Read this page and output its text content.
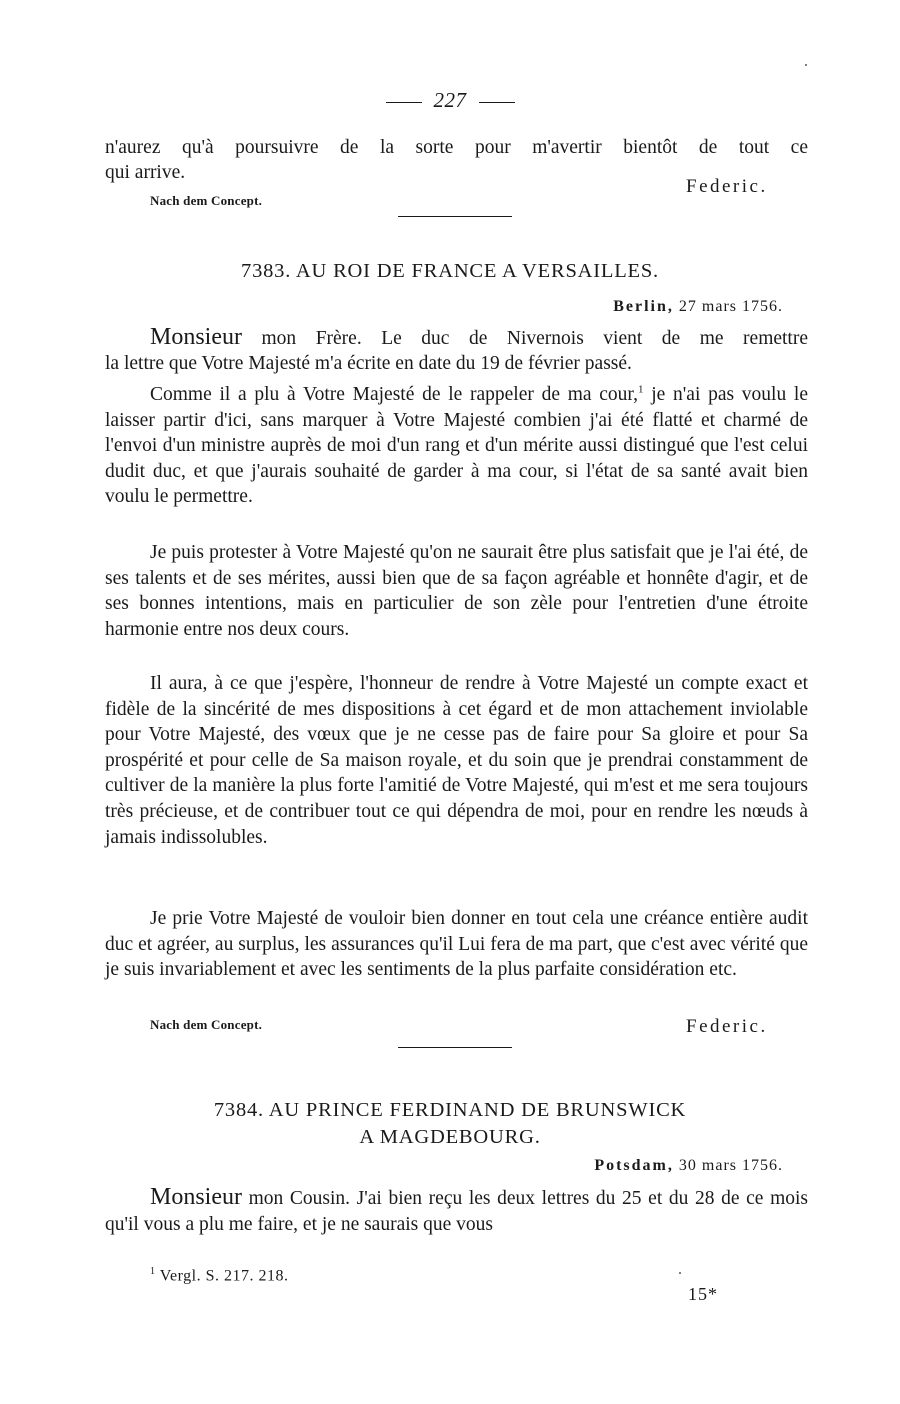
227
n'aurez qu'à poursuivre de la sorte pour m'avertir bientôt de tout ce
qui arrive.
Federic.
Nach dem Concept.
7383. AU ROI DE FRANCE A VERSAILLES.
Berlin, 27 mars 1756.
Monsieur mon Frère. Le duc de Nivernois vient de me remettre
la lettre que Votre Majesté m'a écrite en date du 19 de février passé.
Comme il a plu à Votre Majesté de le rappeler de ma cour,$^1$ je n'ai pas voulu le laisser partir d'ici, sans marquer à Votre Majesté combien j'ai été flatté et charmé de l'envoi d'un ministre auprès de moi d'un rang et d'un mérite aussi distingué que l'est celui dudit duc, et que j'aurais souhaité de garder à ma cour, si l'état de sa santé avait bien voulu le permettre.
Je puis protester à Votre Majesté qu'on ne saurait être plus satisfait que je l'ai été, de ses talents et de ses mérites, aussi bien que de sa façon agréable et honnête d'agir, et de ses bonnes intentions, mais en particulier de son zèle pour l'entretien d'une étroite harmonie entre nos deux cours.
Il aura, à ce que j'espère, l'honneur de rendre à Votre Majesté un compte exact et fidèle de la sincérité de mes dispositions à cet égard et de mon attachement inviolable pour Votre Majesté, des vœux que je ne cesse pas de faire pour Sa gloire et pour Sa prospérité et pour celle de Sa maison royale, et du soin que je prendrai constamment de cultiver de la manière la plus forte l'amitié de Votre Majesté, qui m'est et me sera toujours très précieuse, et de contribuer tout ce qui dépendra de moi, pour en rendre les nœuds à jamais indissolubles.
Je prie Votre Majesté de vouloir bien donner en tout cela une créance entière audit duc et agréer, au surplus, les assurances qu'il Lui fera de ma part, que c'est avec vérité que je suis invariablement et avec les sentiments de la plus parfaite considération etc.
Nach dem Concept.	Federic.
7384. AU PRINCE FERDINAND DE BRUNSWICK
A MAGDEBOURG.
Potsdam, 30 mars 1756.
Monsieur mon Cousin. J'ai bien reçu les deux lettres du 25 et du 28 de ce mois qu'il vous a plu me faire, et je ne saurais que vous
$^1$ Vergl. S. 217. 218.
15*
